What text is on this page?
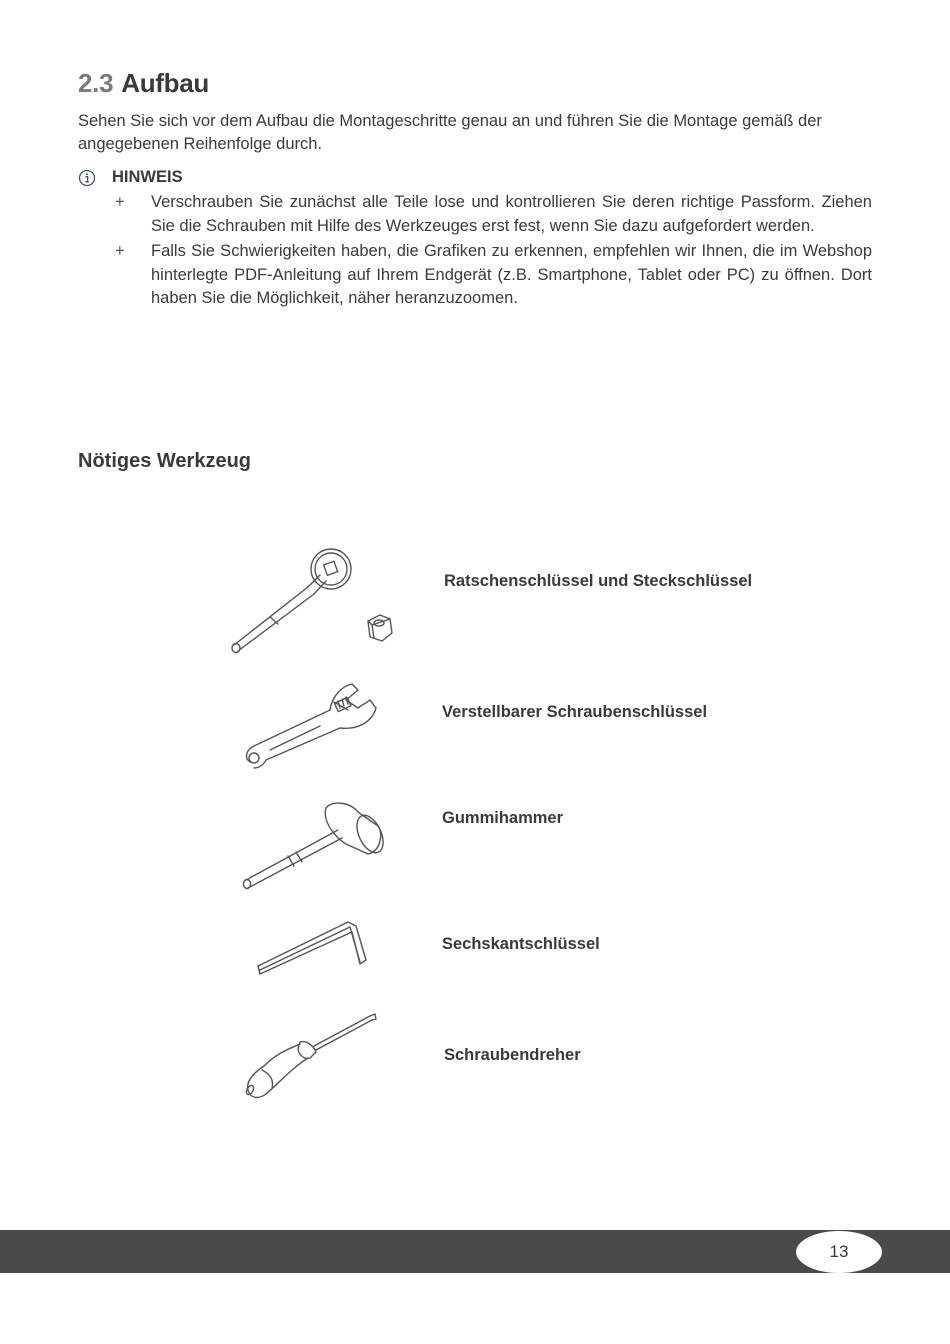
2.3 Aufbau

Sehen Sie sich vor dem Aufbau die Montageschritte genau an und führen Sie die Montage gemäß der angegebenen Reihenfolge durch.

HINWEIS
+	Verschrauben Sie zunächst alle Teile lose und kontrollieren Sie deren richtige Passform. Ziehen Sie die Schrauben mit Hilfe des Werkzeuges erst fest, wenn Sie dazu aufgefordert werden.
+	Falls Sie Schwierigkeiten haben, die Grafiken zu erkennen, empfehlen wir Ihnen, die im Webshop hinterlegte PDF-Anleitung auf Ihrem Endgerät (z.B. Smartphone, Tablet oder PC) zu öffnen. Dort haben Sie die Möglichkeit, näher heranzuzoomen.
Nötiges Werkzeug
Ratschenschlüssel und Steckschlüssel
Verstellbarer Schraubenschlüssel
Gummihammer
Sechskantschlüssel
Schraubendreher
13
